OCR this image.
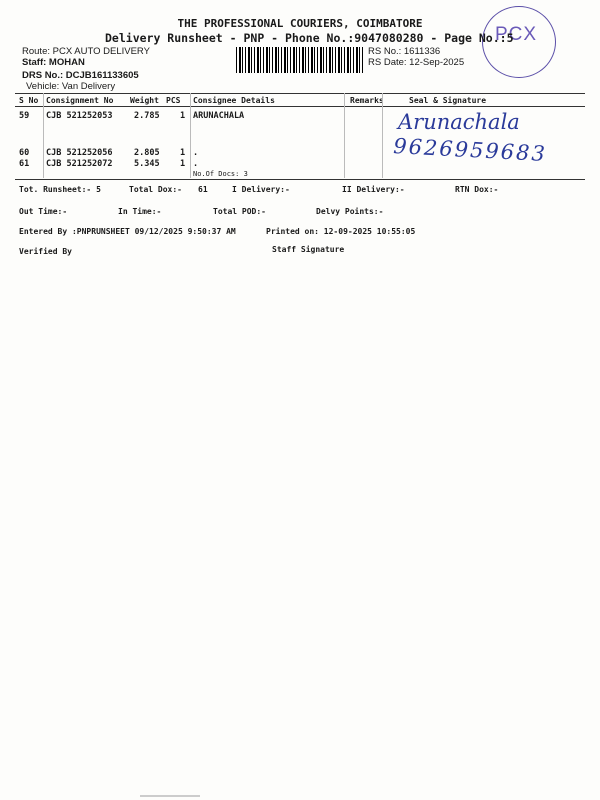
PCX
THE PROFESSIONAL COURIERS, COIMBATORE
Delivery Runsheet - PNP - Phone No.:9047080280 - Page No.:5
Route: PCX AUTO DELIVERY
Staff: MOHAN
DRS No.: DCJB161133605
Vehicle: Van Delivery
RS No.: 1611336
RS Date: 12-Sep-2025
S No Consignment No Weight PCS Consignee Details	Remarks	Seal & Signature
59 CJB 521252053	2.785 1 ARUNACHALA
60 CJB 521252056	2.805 1 .
61 CJB 521252072	5.345 1 .
No.Of Docs: 3
Arunachala
9626959683
Tot. Runsheet:- 5	Total Dox:- 61	I Delivery:-	II Delivery:-	RTN Dox:-
Out Time:-	In Time:-	Total POD:-	Delvy Points:-
Entered By :PNPRUNSHEET 09/12/2025 9:50:37 AM	Printed on: 12-09-2025 10:55:05
Verified By	Staff Signature
